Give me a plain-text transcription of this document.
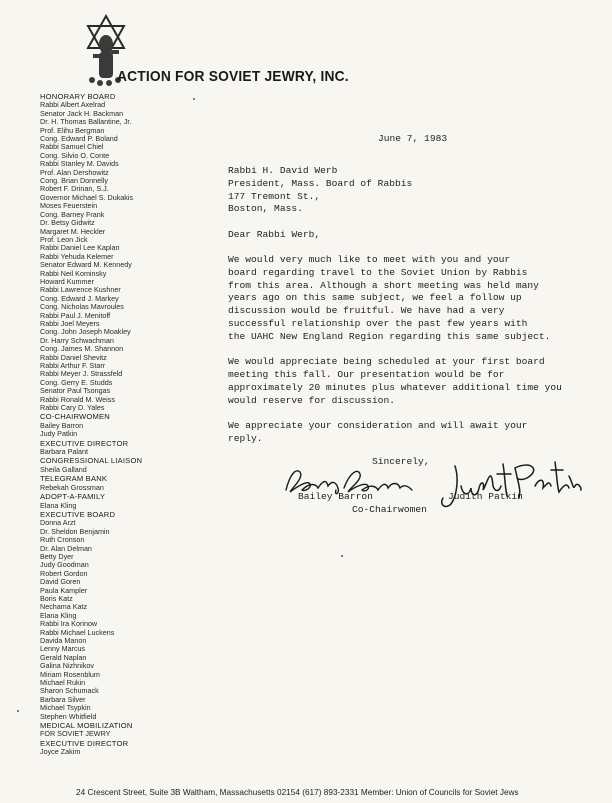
ACTION FOR SOVIET JEWRY, INC.
HONORARY BOARD
Rabbi Albert Axelrad
Senator Jack H. Backman
Dr. H. Thomas Ballantine, Jr.
Prof. Elihu Bergman
Cong. Edward P. Boland
Rabbi Samuel Chiel
Cong. Silvio O. Conte
Rabbi Stanley M. Davids
Prof. Alan Dershowitz
Cong. Brian Donnelly
Robert F. Drinan, S.J.
Governor Michael S. Dukakis
Moses Feuerstein
Cong. Barney Frank
Dr. Betsy Gidwitz
Margaret M. Heckler
Prof. Leon Jick
Rabbi Daniel Lee Kaplan
Rabbi Yehuda Kelemer
Senator Edward M. Kennedy
Rabbi Neil Kominsky
Howard Kummer
Rabbi Lawrence Kushner
Cong. Edward J. Markey
Cong. Nicholas Mavroules
Rabbi Paul J. Menitoff
Rabbi Joel Meyers
Cong. John Joseph Moakley
Dr. Harry Schwachman
Cong. James M. Shannon
Rabbi Daniel Shevitz
Rabbi Arthur F. Starr
Rabbi Meyer J. Strassfeld
Cong. Gerry E. Studds
Senator Paul Tsongas
Rabbi Ronald M. Weiss
Rabbi Cary D. Yales
CO-CHAIRWOMEN
Bailey Barron
Judy Patkin
EXECUTIVE DIRECTOR
Barbara Palant
CONGRESSIONAL LIAISON
Sheila Galland
TELEGRAM BANK
Rebekah Grossman
ADOPT-A-FAMILY
Elana Kling
EXECUTIVE BOARD
Donna Arzt
Dr. Sheldon Benjamin
Ruth Cronson
Dr. Alan Delman
Betty Dyer
Judy Goodman
Robert Gordon
David Goren
Paula Kampler
Boris Katz
Nechama Katz
Elana Kling
Rabbi Ira Korinow
Rabbi Michael Luckens
Davida Manon
Lenny Marcus
Gerald Naplan
Galina Nizhnikov
Miriam Rosenblum
Michael Rukin
Sharon Schumack
Barbara Silver
Michael Tsypkin
Stephen Whitfield
MEDICAL MOBILIZATION
FOR SOVIET JEWRY
EXECUTIVE DIRECTOR
Joyce Zakim
June 7, 1983
Rabbi H. David Werb
President, Mass. Board of Rabbis
177 Tremont St.,
Boston, Mass.
Dear Rabbi Werb,

We would very much like to meet with you and your
board regarding travel to the Soviet Union by Rabbis
from this area. Although a short meeting was held many
years ago on this same subject, we feel a follow up
discussion would be fruitful. We have had a very
successful relationship over the past few years with
the UAHC New England Region regarding this same subject.

We would appreciate being scheduled at your first board
meeting this fall. Our presentation would be for
approximately 20 minutes plus whatever additional time you
would reserve for discussion.

We appreciate your consideration and will await your
reply.

Sincerely,
Bailey Barron	Judith Patkin
Co-Chairwomen
24 Crescent Street, Suite 3B Waltham, Massachusetts 02154 (617) 893-2331 Member: Union of Councils for Soviet Jews
